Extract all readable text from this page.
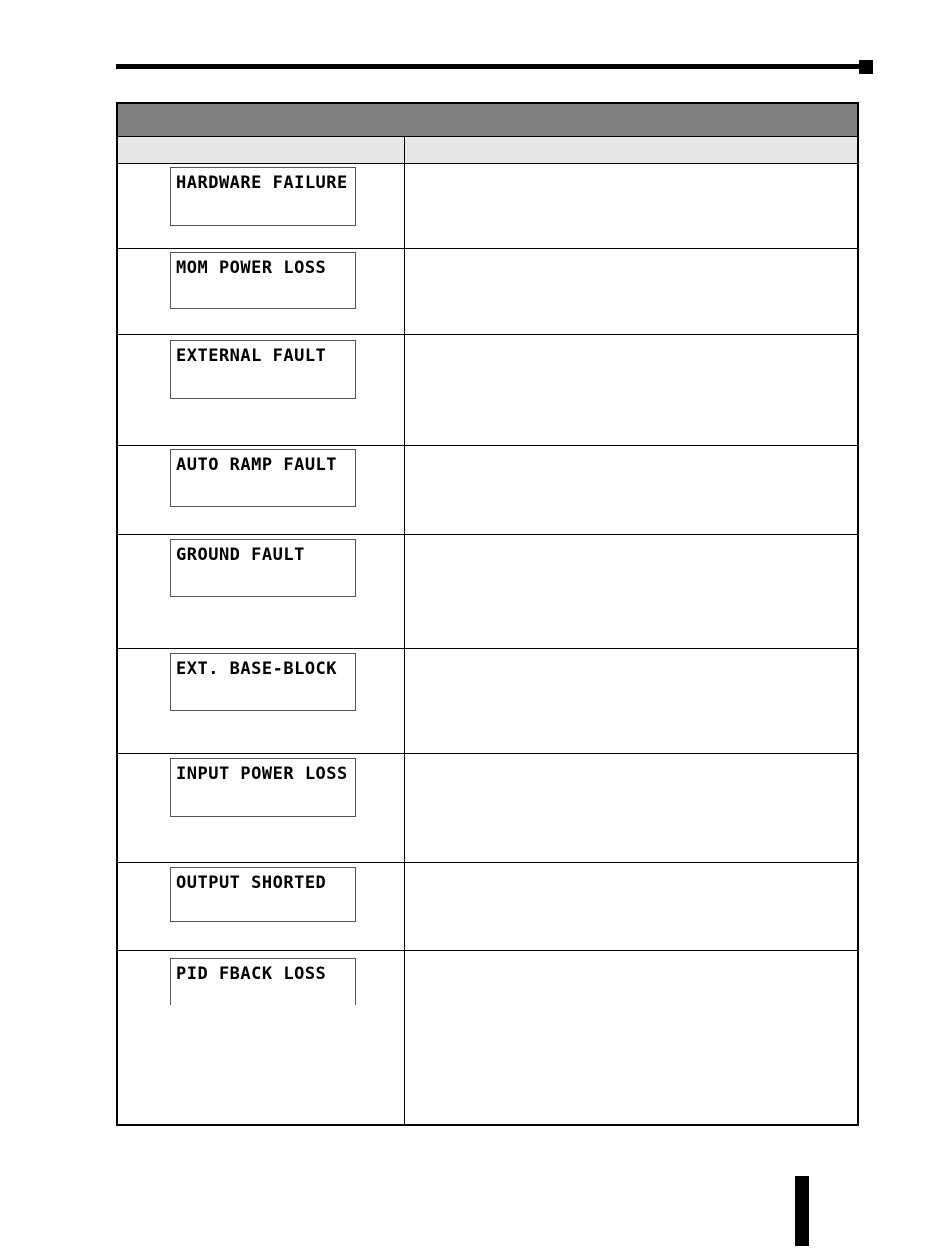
HARDWARE FAILURE
MOM POWER LOSS
EXTERNAL FAULT
AUTO RAMP FAULT
GROUND FAULT
EXT. BASE-BLOCK
INPUT POWER LOSS
OUTPUT SHORTED
PID FBACK LOSS
